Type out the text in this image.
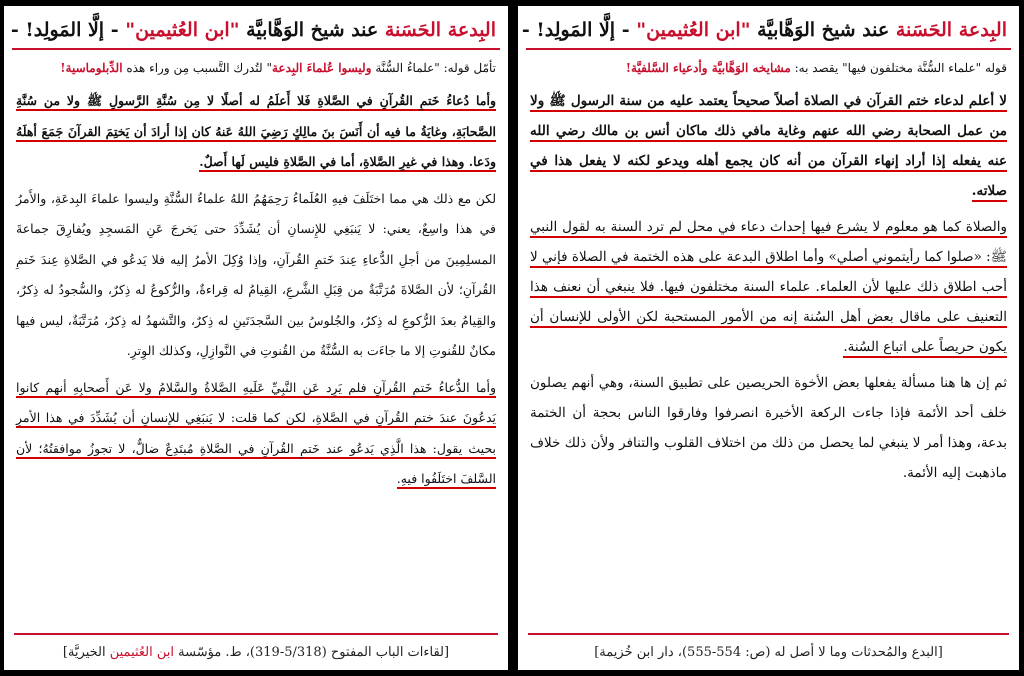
البِدعة الحَسَنة عند شيخ الوَهَّابيَّة "ابن العُثيمين" - إلَّا المَولِد! -
تأمّل قوله: "علماءُ السُّنَّة وليسوا عُلماءَ البِدعة" لتُدرك التَّسبب مِن وراء هذه الدِّبلوماسية!

وأما دُعاءُ خَتمِ القُرآنِ في الصَّلاةِ فَلا أَعلَمُ له أصلًا لا مِن سُنَّةِ الرَّسولِ ﷺ ولا من سُنَّةِ الصَّحابَةِ، وغايَةُ ما فيه أن أَنَسَ بنَ مالِكٍ رَضِيَ اللهُ عَنهُ كان إذا أرادَ أن يَختِمَ القرآنَ جَمَعَ أهلَهُ ودَعا. وهذا في غيرِ الصَّلاةِ، أما في الصَّلاةِ فليس لَها أَصلٌ.

لكن مع ذلك هي مما اختَلَفَ فيهِ العُلَماءُ رَحِمَهُمُ اللهُ علماءُ السُّنَّةِ وليسوا علماءَ البِدعَةِ، والأَمرُ في هذا واسِعٌ، يعني: لا يَنبَغِي للإِنسانِ أن يُشَدِّدَ حتى يَخرجَ عَنِ المَسجِدِ ويُفارِقَ جماعةَ المسلِمِينَ من أجلِ الدُّعاءِ عِندَ خَتمِ القُرآنِ، وإذا وُكِلَ الأمرُ إليه فلا يَدعُو في الصَّلاةِ عِندَ خَتمِ القُرآنِ؛ لأن الصَّلاةَ مُرَتَّبَةٌ من قِبَلِ الشَّرعِ، القِيامُ له قِراءةٌ، والرُّكوعُ له ذِكرٌ، والسُّجودُ له ذِكرٌ، والقِيامُ بعدَ الرُّكوعِ له ذِكرٌ، والجُلوسُ بين السَّجدَتَينِ له ذِكرٌ، والتَّشهدُ له ذِكرٌ، مُرَتَّبَةٌ، ليس فيها مكانٌ للقُنوتِ إلا ما جاءَت به السُّنَّةُ من القُنوتِ في النَّوازِلِ، وكذلك الوِترِ.

وأما الدُّعاءُ خَتمِ القُرآنِ فلم يَرِد عَنِ النَّبِيِّ عَلَيهِ الصَّلاةُ والسَّلامُ ولا عَن أَصحابِهِ أنهم كانوا يَدعُونَ عندَ ختمِ القُرآنِ في الصَّلاةِ، لكن كما قلت: لا يَنبَغِي للإِنسانِ أن يُشَدِّدَ في هذا الأمرِ بحيث يقول: هذا الَّذِي يَدعُو عند خَتمِ القُرآنِ في الصَّلاةِ مُبتَدِعٌ ضالٌّ، لا تجوزُ موافقتُهُ؛ لأن السَّلفَ اختَلَفُوا فيهِ.

[لقاءات الباب المفتوح (5/318-319)، ط. مؤسّسة ابن العُثيمين الخيريَّة]
البِدعة الحَسَنة عند شيخ الوَهَّابيَّة "ابن العُثيمين" - إلَّا المَولِد! -
قوله "علماء السُّنَّة مختلفون فيها" يقصد به: مشايخه الوَهَّابيَّة وأدعياء السَّلفيَّة!

لا أعلم لدعاء ختم القرآن في الصلاة أصلاً صحيحاً يعتمد عليه من سنة الرسول ﷺ ولا من عمل الصحابة رضي الله عنهم وغاية مافي ذلك ماكان أنس بن مالك رضي الله عنه يفعله إذا أراد إنهاء القرآن من أنه كان يجمع أهله ويدعو لكنه لا يفعل هذا في صلاته.

والصلاة كما هو معلوم لا يشرع فيها إحداث دعاء في محل لم ترد السنة به لقول النبي ﷺ: «صلوا كما رأيتموني أصلي» وأما اطلاق البدعة على هذه الختمة في الصلاة فإني لا أحب اطلاق ذلك عليها لأن العلماء. علماء السنة مختلفون فيها. فلا ينبغي أن نعنف هذا التعنيف على ماقال بعض أهل السُنة إنه من الأمور المستحبة لكن الأولى للإنسان أن يكون حريصاً على اتباع السُنة.

ثم إن ها هنا مسألة يفعلها بعض الأخوة الحريصين على تطبيق السنة، وهي أنهم يصلون خلف أحد الأئمة فإذا جاءت الركعة الأخيرة انصرفوا وفارقوا الناس بحجة أن الختمة بدعة، وهذا أمر لا ينبغي لما يحصل من ذلك من اختلاف القلوب والتنافر ولأن ذلك خلاف ماذهبت إليه الأئمة.

[البدع والمُحدثات وما لا أصل له (ص: 554-555)، دار ابن خُزيمة]
